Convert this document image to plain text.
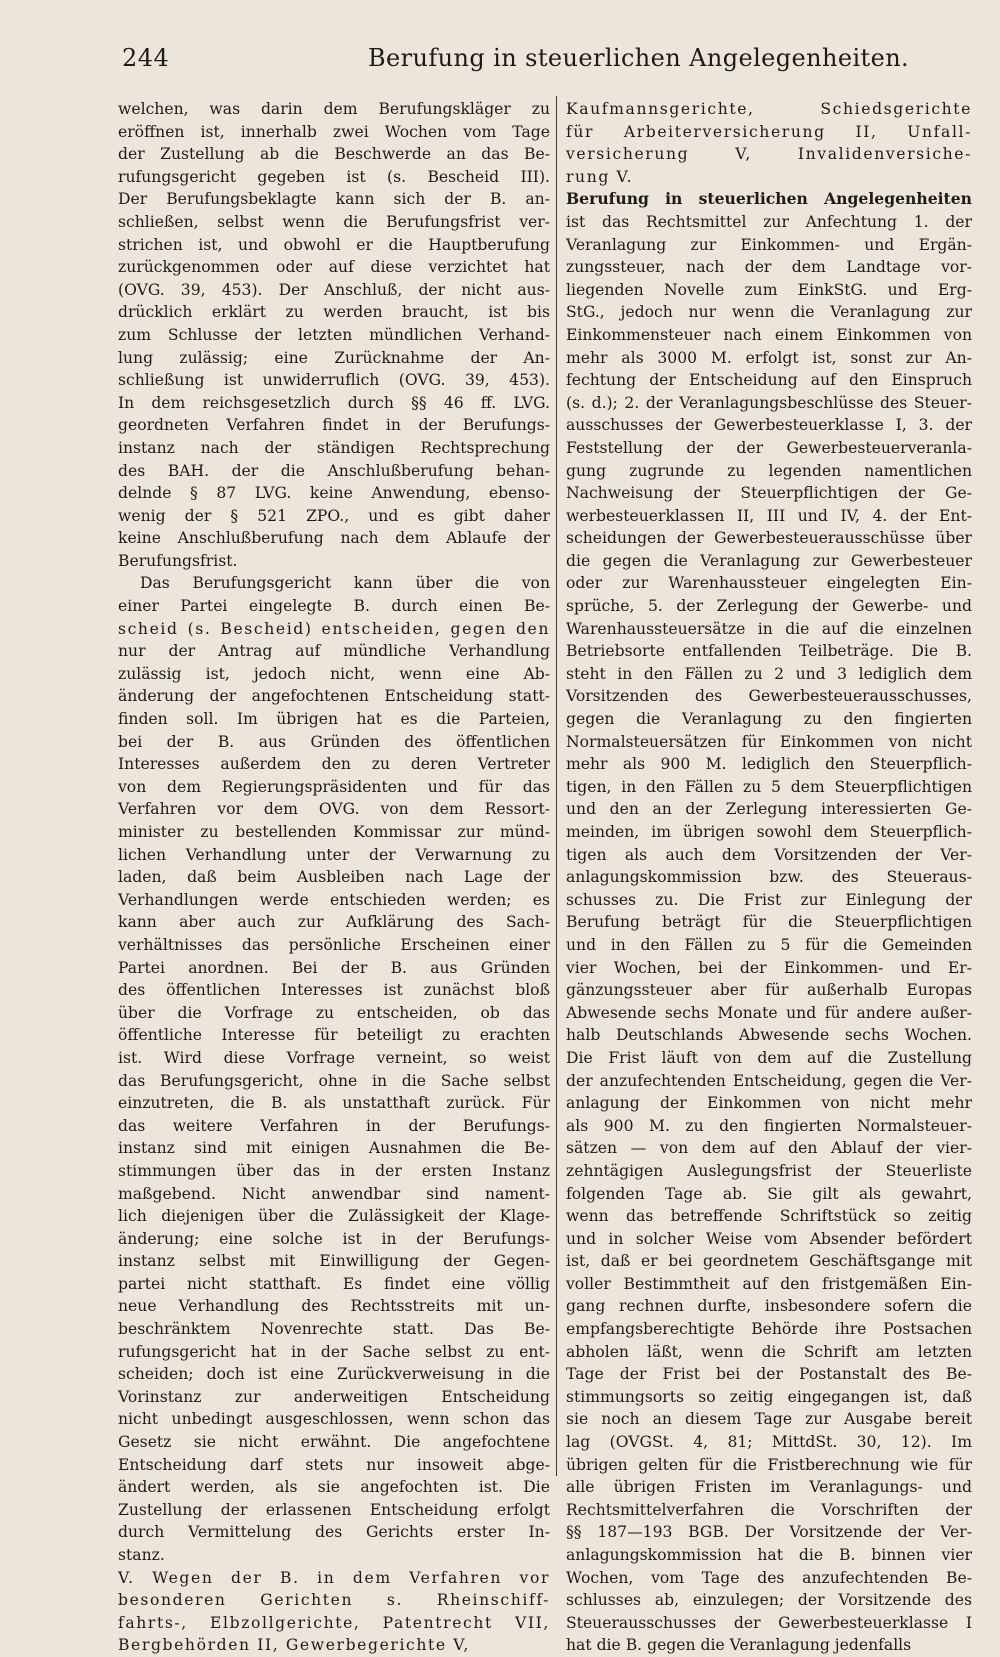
244	Berufung in steuerlichen Angelegenheiten.
welchen, was darin dem Berufungskläger zu
eröffnen ist, innerhalb zwei Wochen vom Tage
der Zustellung ab die Beschwerde an das Be-
rufungsgericht gegeben ist (s. Bescheid III).
Der Berufungsbeklagte kann sich der B. an-
schließen, selbst wenn die Berufungsfrist ver-
strichen ist, und obwohl er die Hauptberufung
zurückgenommen oder auf diese verzichtet hat
(OVG. 39, 453). Der Anschluß, der nicht aus-
drücklich erklärt zu werden braucht, ist bis
zum Schlusse der letzten mündlichen Verhand-
lung zulässig; eine Zurücknahme der An-
schließung ist unwiderruflich (OVG. 39, 453).
In dem reichsgesetzlich durch §§ 46 ff. LVG.
geordneten Verfahren findet in der Berufungs-
instanz nach der ständigen Rechtsprechung
des BAH. der die Anschlußberufung behan-
delnde § 87 LVG. keine Anwendung, ebenso-
wenig der § 521 ZPO., und es gibt daher
keine Anschlußberufung nach dem Ablaufe der
Berufungsfrist.
Das Berufungsgericht kann über die von
einer Partei eingelegte B. durch einen Be-
scheid (s. Bescheid) entscheiden, gegen den
nur der Antrag auf mündliche Verhandlung
zulässig ist, jedoch nicht, wenn eine Ab-
änderung der angefochtenen Entscheidung statt-
finden soll. Im übrigen hat es die Parteien,
bei der B. aus Gründen des öffentlichen
Interesses außerdem den zu deren Vertreter
von dem Regierungspräsidenten und für das
Verfahren vor dem OVG. von dem Ressort-
minister zu bestellenden Kommissar zur münd-
lichen Verhandlung unter der Verwarnung zu
laden, daß beim Ausbleiben nach Lage der
Verhandlungen werde entschieden werden; es
kann aber auch zur Aufklärung des Sach-
verhältnisses das persönliche Erscheinen einer
Partei anordnen. Bei der B. aus Gründen
des öffentlichen Interesses ist zunächst bloß
über die Vorfrage zu entscheiden, ob das
öffentliche Interesse für beteiligt zu erachten
ist. Wird diese Vorfrage verneint, so weist
das Berufungsgericht, ohne in die Sache selbst
einzutreten, die B. als unstatthaft zurück. Für
das weitere Verfahren in der Berufungs-
instanz sind mit einigen Ausnahmen die Be-
stimmungen über das in der ersten Instanz
maßgebend. Nicht anwendbar sind nament-
lich diejenigen über die Zulässigkeit der Klage-
änderung; eine solche ist in der Berufungs-
instanz selbst mit Einwilligung der Gegen-
partei nicht statthaft. Es findet eine völlig
neue Verhandlung des Rechtsstreits mit un-
beschränktem Novenrechte statt. Das Be-
rufungsgericht hat in der Sache selbst zu ent-
scheiden; doch ist eine Zurückverweisung in die
Vorinstanz zur anderweitigen Entscheidung
nicht unbedingt ausgeschlossen, wenn schon das
Gesetz sie nicht erwähnt. Die angefochtene
Entscheidung darf stets nur insoweit abge-
ändert werden, als sie angefochten ist. Die
Zustellung der erlassenen Entscheidung erfolgt
durch Vermittelung des Gerichts erster In-
stanz.
V. Wegen der B. in dem Verfahren vor
besonderen Gerichten s. Rheinschiff-
fahrts-, Elbzollgerichte, Patentrecht VII,
Bergbehörden II, Gewerbegerichte V,
Kaufmannsgerichte, Schiedsgerichte
für Arbeiterversicherung II, Unfall-
versicherung V, Invalidenversiche-
rung V.
Berufung in steuerlichen Angelegenheiten
ist das Rechtsmittel zur Anfechtung 1. der
Veranlagung zur Einkommen- und Ergän-
zungssteuer, nach der dem Landtage vor-
liegenden Novelle zum EinkStG. und Erg-
StG., jedoch nur wenn die Veranlagung zur
Einkommensteuer nach einem Einkommen von
mehr als 3000 M. erfolgt ist, sonst zur An-
fechtung der Entscheidung auf den Einspruch
(s. d.); 2. der Veranlagungsbeschlüsse des Steuer-
ausschusses der Gewerbesteuerklasse I, 3. der
Feststellung der der Gewerbesteuerveranla-
gung zugrunde zu legenden namentlichen
Nachweisung der Steuerpflichtigen der Ge-
werbesteuerklassen II, III und IV, 4. der Ent-
scheidungen der Gewerbesteuerausschüsse über
die gegen die Veranlagung zur Gewerbesteuer
oder zur Warenhaussteuer eingelegten Ein-
sprüche, 5. der Zerlegung der Gewerbe- und
Warenhaussteuersätze in die auf die einzelnen
Betriebsorte entfallenden Teilbeträge. Die B.
steht in den Fällen zu 2 und 3 lediglich dem
Vorsitzenden des Gewerbesteuerausschusses,
gegen die Veranlagung zu den fingierten
Normalsteuersätzen für Einkommen von nicht
mehr als 900 M. lediglich den Steuerpflich-
tigen, in den Fällen zu 5 dem Steuerpflichtigen
und den an der Zerlegung interessierten Ge-
meinden, im übrigen sowohl dem Steuerpflich-
tigen als auch dem Vorsitzenden der Ver-
anlagungskommission bzw. des Steueraus-
schusses zu. Die Frist zur Einlegung der
Berufung beträgt für die Steuerpflichtigen
und in den Fällen zu 5 für die Gemeinden
vier Wochen, bei der Einkommen- und Er-
gänzungssteuer aber für außerhalb Europas
Abwesende sechs Monate und für andere außer-
halb Deutschlands Abwesende sechs Wochen.
Die Frist läuft von dem auf die Zustellung
der anzufechtenden Entscheidung, gegen die Ver-
anlagung der Einkommen von nicht mehr
als 900 M. zu den fingierten Normalsteuer-
sätzen — von dem auf den Ablauf der vier-
zehntägigen Auslegungsfrist der Steuerliste
folgenden Tage ab. Sie gilt als gewahrt,
wenn das betreffende Schriftstück so zeitig
und in solcher Weise vom Absender befördert
ist, daß er bei geordnetem Geschäftsgange mit
voller Bestimmtheit auf den fristgemäßen Ein-
gang rechnen durfte, insbesondere sofern die
empfangsberechtigte Behörde ihre Postsachen
abholen läßt, wenn die Schrift am letzten
Tage der Frist bei der Postanstalt des Be-
stimmungsorts so zeitig eingegangen ist, daß
sie noch an diesem Tage zur Ausgabe bereit
lag (OVGSt. 4, 81; MittdSt. 30, 12). Im
übrigen gelten für die Fristberechnung wie für
alle übrigen Fristen im Veranlagungs- und
Rechtsmittelverfahren die Vorschriften der
§§ 187—193 BGB. Der Vorsitzende der Ver-
anlagungskommission hat die B. binnen vier
Wochen, vom Tage des anzufechtenden Be-
schlusses ab, einzulegen; der Vorsitzende des
Steuerausschusses der Gewerbesteuerklasse I
hat die B. gegen die Veranlagung jedenfalls
